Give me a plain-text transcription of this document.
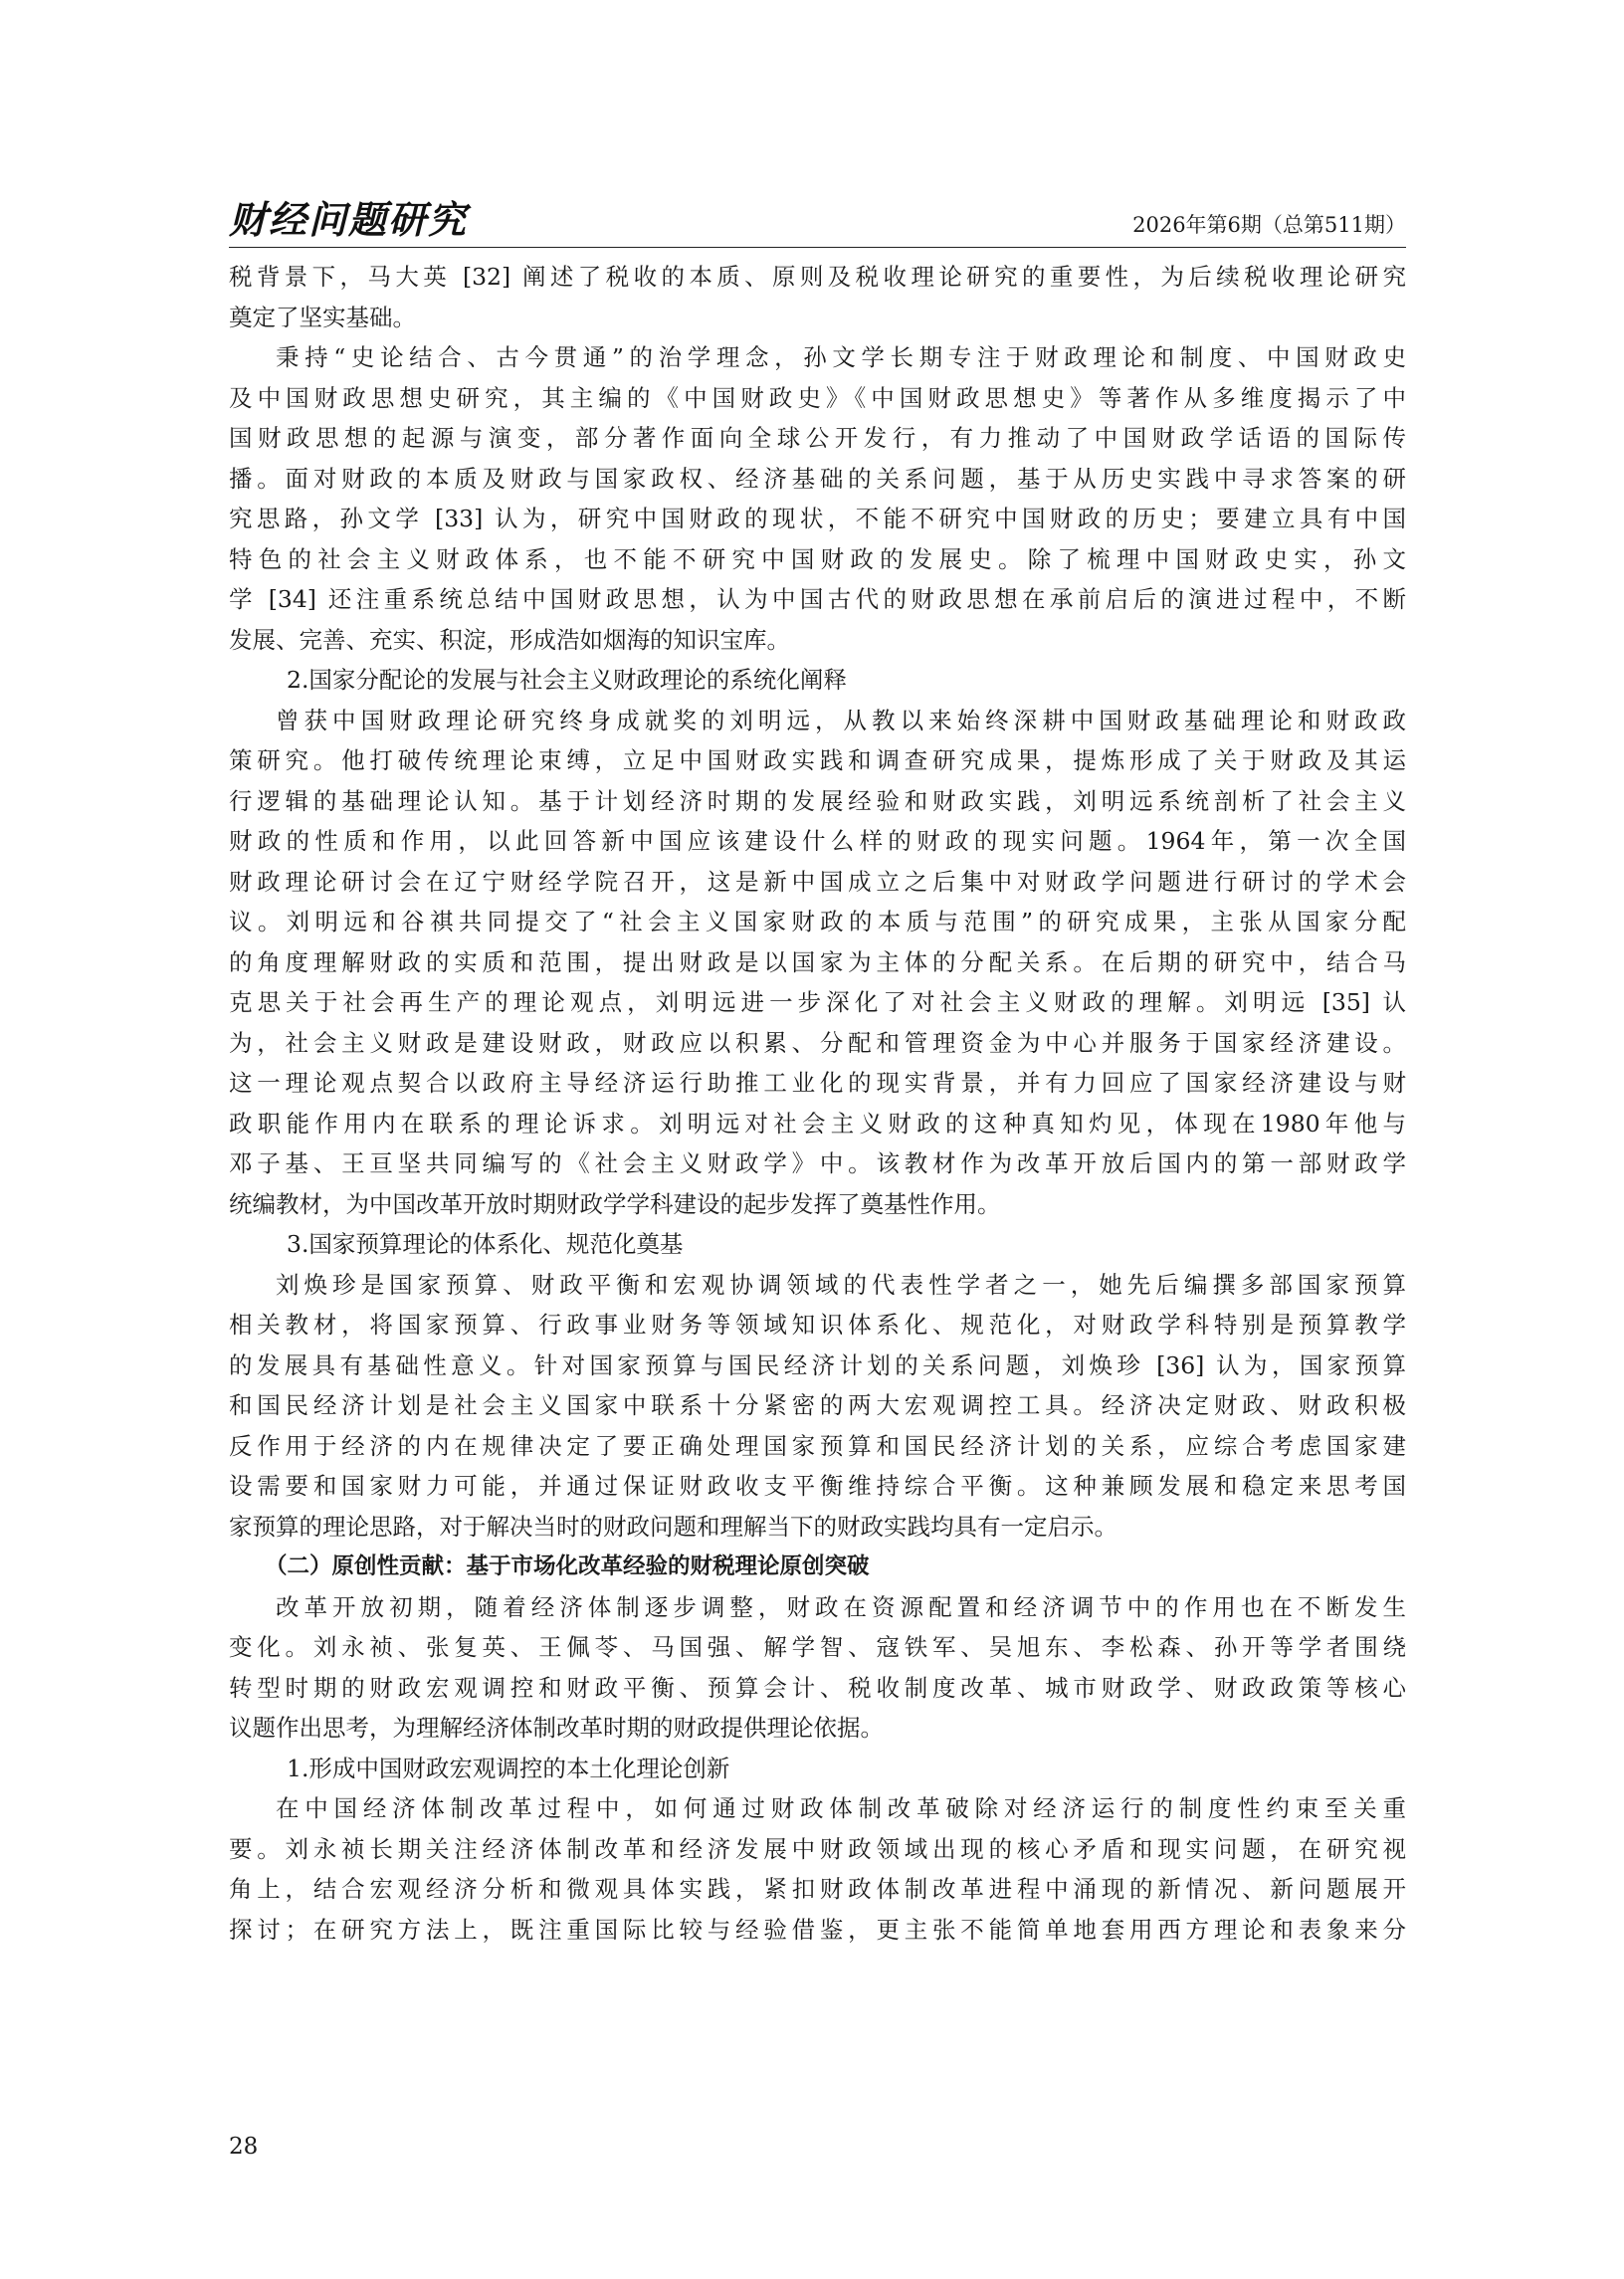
财经问题研究	2026年第6期（总第511期）
税背景下，马大英 [32] 阐述了税收的本质、原则及税收理论研究的重要性，为后续税收理论研究
奠定了坚实基础。
秉持“史论结合、古今贯通”的治学理念，孙文学长期专注于财政理论和制度、中国财政史
及中国财政思想史研究，其主编的《中国财政史》《中国财政思想史》等著作从多维度揭示了中
国财政思想的起源与演变，部分著作面向全球公开发行，有力推动了中国财政学话语的国际传
播。面对财政的本质及财政与国家政权、经济基础的关系问题，基于从历史实践中寻求答案的研
究思路，孙文学 [33] 认为，研究中国财政的现状，不能不研究中国财政的历史；要建立具有中国
特色的社会主义财政体系，也不能不研究中国财政的发展史。除了梳理中国财政史实，孙文
学 [34] 还注重系统总结中国财政思想，认为中国古代的财政思想在承前启后的演进过程中，不断
发展、完善、充实、积淀，形成浩如烟海的知识宝库。
2.国家分配论的发展与社会主义财政理论的系统化阐释
曾获中国财政理论研究终身成就奖的刘明远，从教以来始终深耕中国财政基础理论和财政政
策研究。他打破传统理论束缚，立足中国财政实践和调查研究成果，提炼形成了关于财政及其运
行逻辑的基础理论认知。基于计划经济时期的发展经验和财政实践，刘明远系统剖析了社会主义
财政的性质和作用，以此回答新中国应该建设什么样的财政的现实问题。1964年，第一次全国
财政理论研讨会在辽宁财经学院召开，这是新中国成立之后集中对财政学问题进行研讨的学术会
议。刘明远和谷祺共同提交了“社会主义国家财政的本质与范围”的研究成果，主张从国家分配
的角度理解财政的实质和范围，提出财政是以国家为主体的分配关系。在后期的研究中，结合马
克思关于社会再生产的理论观点，刘明远进一步深化了对社会主义财政的理解。刘明远 [35] 认
为，社会主义财政是建设财政，财政应以积累、分配和管理资金为中心并服务于国家经济建设。
这一理论观点契合以政府主导经济运行助推工业化的现实背景，并有力回应了国家经济建设与财
政职能作用内在联系的理论诉求。刘明远对社会主义财政的这种真知灼见，体现在1980年他与
邓子基、王亘坚共同编写的《社会主义财政学》中。该教材作为改革开放后国内的第一部财政学
统编教材，为中国改革开放时期财政学学科建设的起步发挥了奠基性作用。
3.国家预算理论的体系化、规范化奠基
刘焕珍是国家预算、财政平衡和宏观协调领域的代表性学者之一，她先后编撰多部国家预算
相关教材，将国家预算、行政事业财务等领域知识体系化、规范化，对财政学科特别是预算教学
的发展具有基础性意义。针对国家预算与国民经济计划的关系问题，刘焕珍 [36] 认为，国家预算
和国民经济计划是社会主义国家中联系十分紧密的两大宏观调控工具。经济决定财政、财政积极
反作用于经济的内在规律决定了要正确处理国家预算和国民经济计划的关系，应综合考虑国家建
设需要和国家财力可能，并通过保证财政收支平衡维持综合平衡。这种兼顾发展和稳定来思考国
家预算的理论思路，对于解决当时的财政问题和理解当下的财政实践均具有一定启示。
（二）原创性贡献：基于市场化改革经验的财税理论原创突破
改革开放初期，随着经济体制逐步调整，财政在资源配置和经济调节中的作用也在不断发生
变化。刘永祯、张复英、王佩苓、马国强、解学智、寇铁军、吴旭东、李松森、孙开等学者围绕
转型时期的财政宏观调控和财政平衡、预算会计、税收制度改革、城市财政学、财政政策等核心
议题作出思考，为理解经济体制改革时期的财政提供理论依据。
1.形成中国财政宏观调控的本土化理论创新
在中国经济体制改革过程中，如何通过财政体制改革破除对经济运行的制度性约束至关重
要。刘永祯长期关注经济体制改革和经济发展中财政领域出现的核心矛盾和现实问题，在研究视
角上，结合宏观经济分析和微观具体实践，紧扣财政体制改革进程中涌现的新情况、新问题展开
探讨；在研究方法上，既注重国际比较与经验借鉴，更主张不能简单地套用西方理论和表象来分
28
